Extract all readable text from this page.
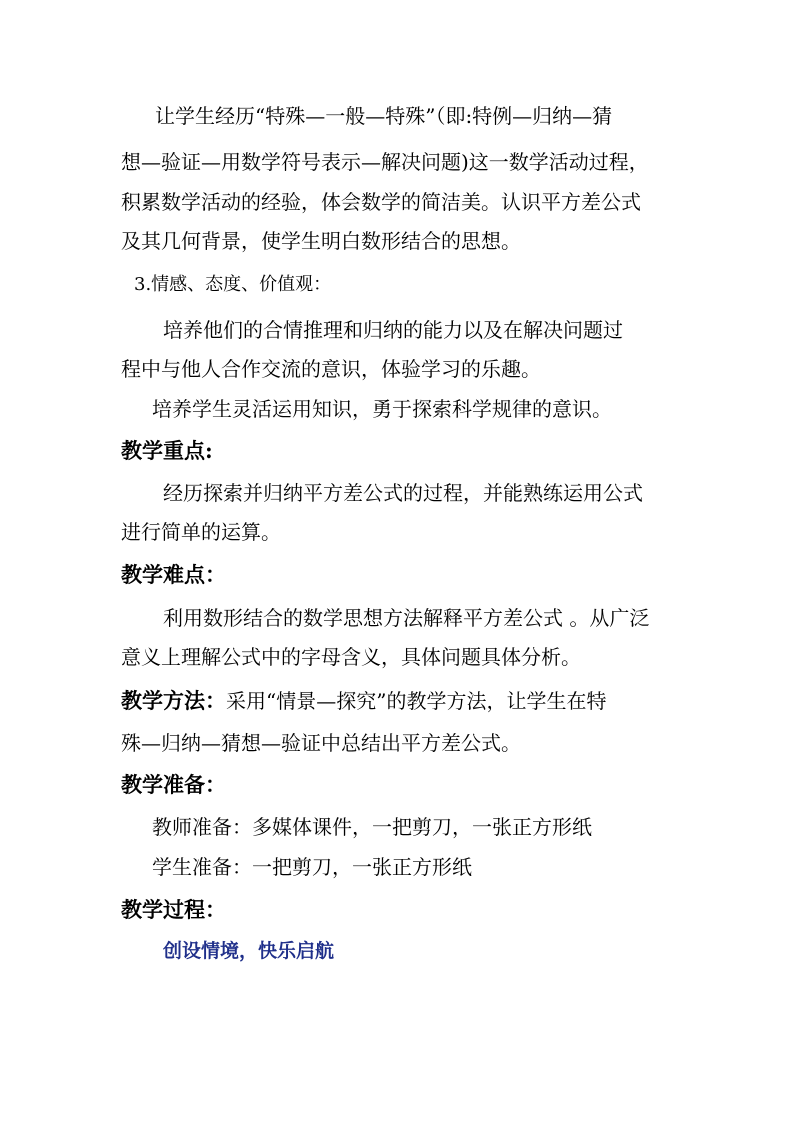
让学生经历“特殊—一般—特殊”（即:特例—归纳—猜
想—验证—用数学符号表示—解决问题)这一数学活动过程，
积累数学活动的经验，体会数学的简洁美。认识平方差公式
及其几何背景，使学生明白数形结合的思想。
3.情感、态度、价值观：
培养他们的合情推理和归纳的能力以及在解决问题过
程中与他人合作交流的意识，体验学习的乐趣。
培养学生灵活运用知识，勇于探索科学规律的意识。
教学重点:
经历探索并归纳平方差公式的过程，并能熟练运用公式
进行简单的运算。
教学难点：
利用数形结合的数学思想方法解释平方差公式 。从广泛
意义上理解公式中的字母含义，具体问题具体分析。
教学方法：采用“情景—探究”的教学方法，让学生在特
殊—归纳—猜想—验证中总结出平方差公式。
教学准备：
教师准备：多媒体课件，一把剪刀，一张正方形纸
学生准备：一把剪刀，一张正方形纸
教学过程：
创设情境，快乐启航
